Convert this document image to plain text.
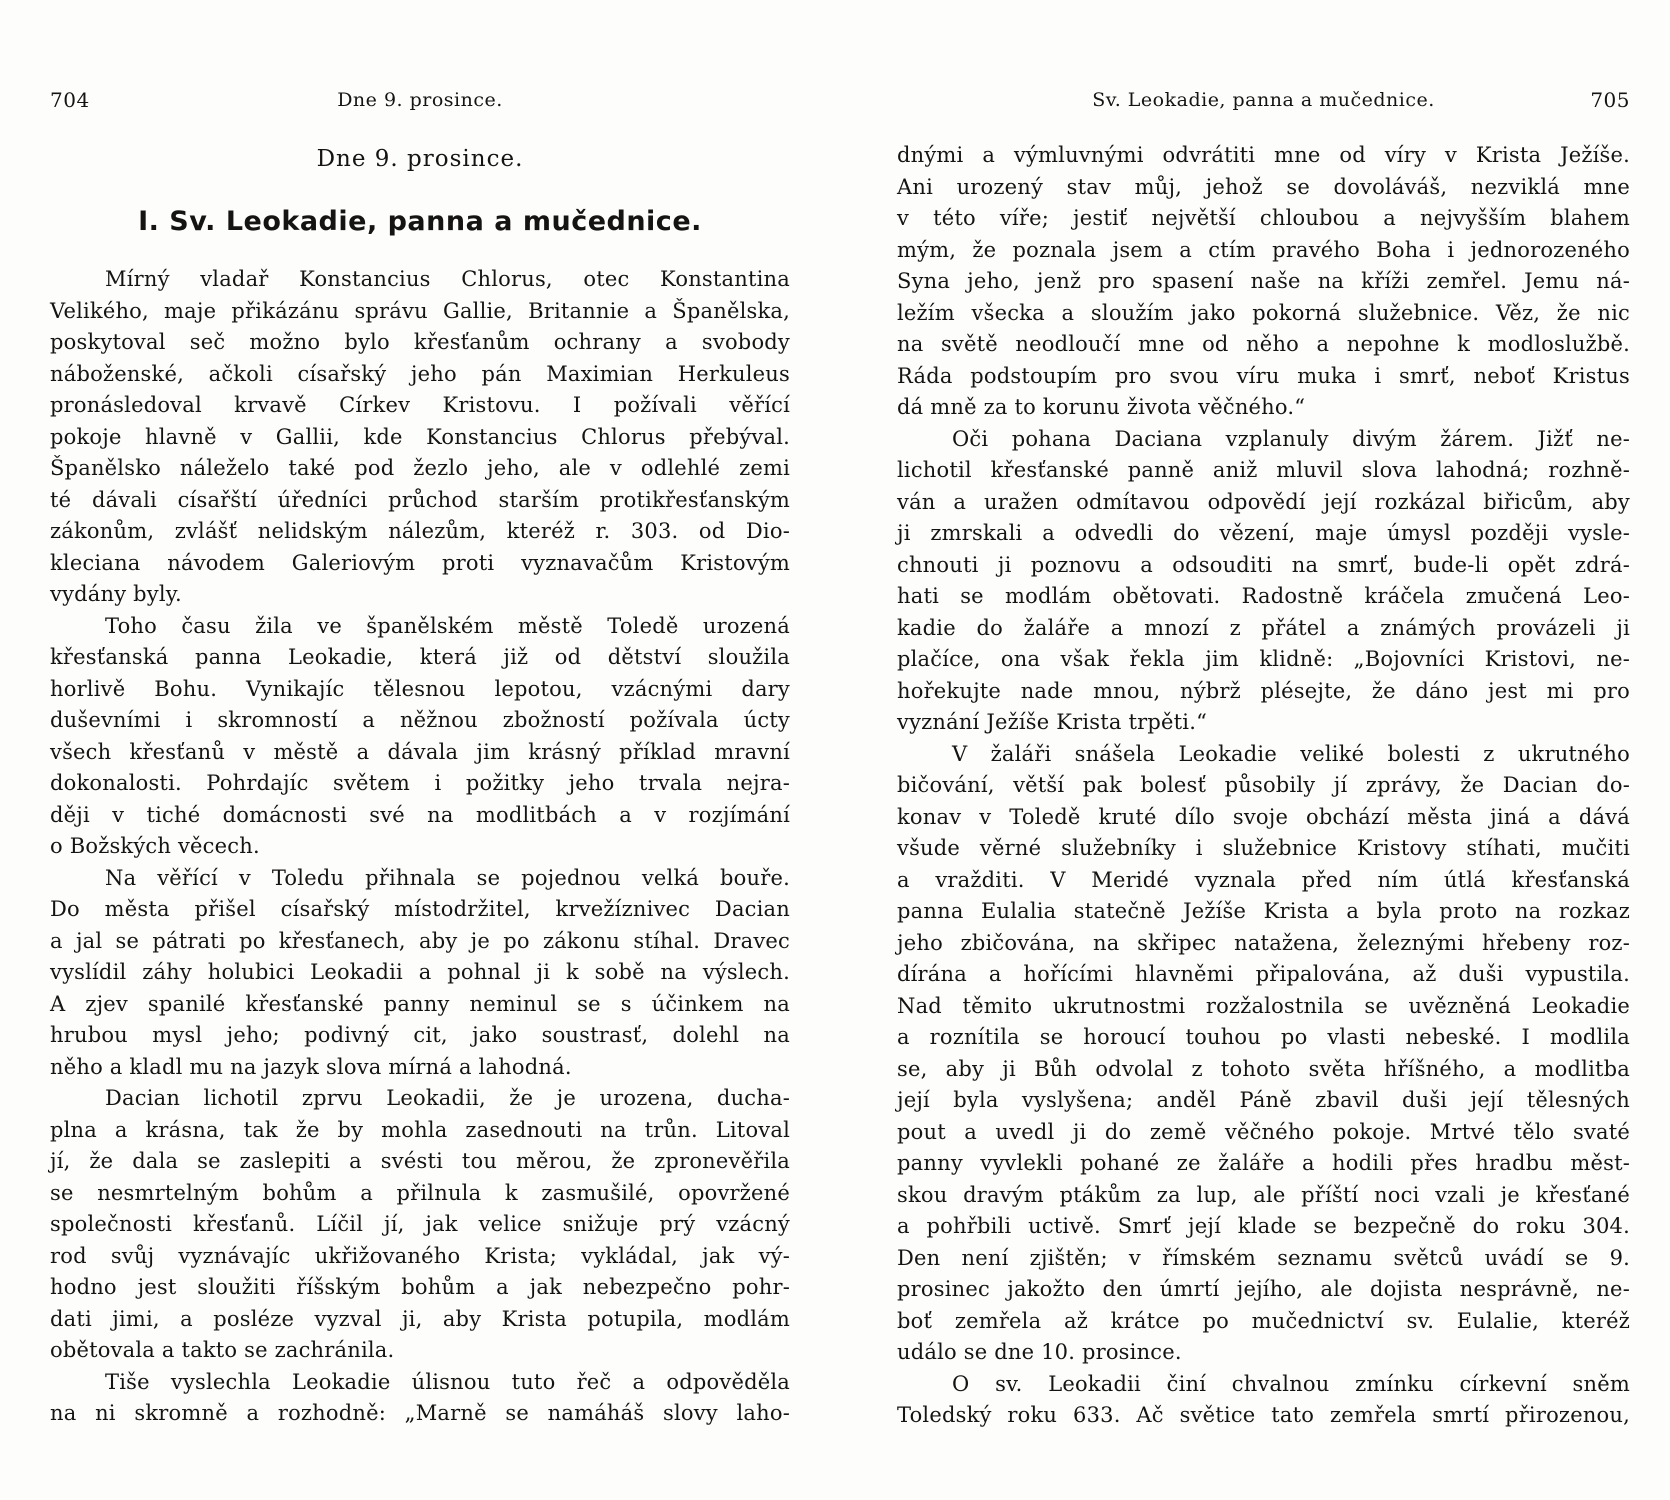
704	Dne 9. prosince.
Dne 9. prosince.
I. Sv. Leokadie, panna a mučednice.

Mírný vladař Konstancius Chlorus, otec Konstantina
Velikého, maje přikázánu správu Gallie, Britannie a Španělska,
poskytoval seč možno bylo křesťanům ochrany a svobody
náboženské, ačkoli císařský jeho pán Maximian Herkuleus
pronásledoval krvavě Církev Kristovu. I požívali věřící
pokoje hlavně v Gallii, kde Konstancius Chlorus přebýval.
Španělsko náleželo také pod žezlo jeho, ale v odlehlé zemi
té dávali císařští úředníci průchod starším protikřesťanským
zákonům, zvlášť nelidským nálezům, kteréž r. 303. od Dio-
kleciana návodem Galeriovým proti vyznavačům Kristovým
vydány byly.

Toho času žila ve španělském městě Toledě urozená
křesťanská panna Leokadie, která již od dětství sloužila
horlivě Bohu. Vynikajíc tělesnou lepotou, vzácnými dary
duševními i skromností a něžnou zbožností požívala úcty
všech křesťanů v městě a dávala jim krásný příklad mravní
dokonalosti. Pohrdajíc světem i požitky jeho trvala nejra-
ději v tiché domácnosti své na modlitbách a v rozjímání
o Božských věcech.

Na věřící v Toledu přihnala se pojednou velká bouře.
Do města přišel císařský místodržitel, krvežíznivec Dacian
a jal se pátrati po křesťanech, aby je po zákonu stíhal. Dravec
vyslídil záhy holubici Leokadii a pohnal ji k sobě na výslech.
A zjev spanilé křesťanské panny neminul se s účinkem na
hrubou mysl jeho; podivný cit, jako soustrasť, dolehl na
něho a kladl mu na jazyk slova mírná a lahodná.

Dacian lichotil zprvu Leokadii, že je urozena, ducha-
plna a krásna, tak že by mohla zasednouti na trůn. Litoval
jí, že dala se zaslepiti a svésti tou měrou, že zpronevěřila
se nesmrtelným bohům a přilnula k zasmušilé, opovržené
společnosti křesťanů. Líčil jí, jak velice snižuje prý vzácný
rod svůj vyznávajíc ukřižovaného Krista; vykládal, jak vý-
hodno jest sloužiti říšským bohům a jak nebezpečno pohr-
dati jimi, a posléze vyzval ji, aby Krista potupila, modlám
obětovala a takto se zachránila.

Tiše vyslechla Leokadie úlisnou tuto řeč a odpověděla
na ni skromně a rozhodně: „Marně se namáháš slovy laho-

Sv. Leokadie, panna a mučednice.	705

dnými a výmluvnými odvrátiti mne od víry v Krista Ježíše.
Ani urozený stav můj, jehož se dovoláváš, nezviklá mne
v této víře; jestiť největší chloubou a nejvyšším blahem
mým, že poznala jsem a ctím pravého Boha i jednorozeného
Syna jeho, jenž pro spasení naše na kříži zemřel. Jemu ná-
ležím všecka a sloužím jako pokorná služebnice. Věz, že nic
na světě neodloučí mne od něho a nepohne k modloslužbě.
Ráda podstoupím pro svou víru muka i smrť, neboť Kristus
dá mně za to korunu života věčného.“

Oči pohana Daciana vzplanuly divým žárem. Jižť ne-
lichotil křesťanské panně aniž mluvil slova lahodná; rozhně-
ván a uražen odmítavou odpovědí její rozkázal biřicům, aby
ji zmrskali a odvedli do vězení, maje úmysl později vysle-
chnouti ji poznovu a odsouditi na smrť, bude-li opět zdrá-
hati se modlám obětovati. Radostně kráčela zmučená Leo-
kadie do žaláře a mnozí z přátel a známých provázeli ji
plačíce, ona však řekla jim klidně: „Bojovníci Kristovi, ne-
hořekujte nade mnou, nýbrž plésejte, že dáno jest mi pro
vyznání Ježíše Krista trpěti.“

V žaláři snášela Leokadie veliké bolesti z ukrutného
bičování, větší pak bolesť působily jí zprávy, že Dacian do-
konav v Toledě kruté dílo svoje obchází města jiná a dává
všude věrné služebníky i služebnice Kristovy stíhati, mučiti
a vražditi. V Meridé vyznala před ním útlá křesťanská
panna Eulalia statečně Ježíše Krista a byla proto na rozkaz
jeho zbičována, na skřipec natažena, železnými hřebeny roz-
dírána a hořícími hlavněmi připalována, až duši vypustila.
Nad těmito ukrutnostmi rozžalostnila se uvězněná Leokadie
a roznítila se horoucí touhou po vlasti nebeské. I modlila
se, aby ji Bůh odvolal z tohoto světa hříšného, a modlitba
její byla vyslyšena; anděl Páně zbavil duši její tělesných
pout a uvedl ji do země věčného pokoje. Mrtvé tělo svaté
panny vyvlekli pohané ze žaláře a hodili přes hradbu měst-
skou dravým ptákům za lup, ale příští noci vzali je křesťané
a pohřbili uctivě. Smrť její klade se bezpečně do roku 304.
Den není zjištěn; v římském seznamu světců uvádí se 9.
prosinec jakožto den úmrtí jejího, ale dojista nesprávně, ne-
boť zemřela až krátce po mučednictví sv. Eulalie, kteréž
událo se dne 10. prosince.

O sv. Leokadii činí chvalnou zmínku církevní sněm
Toledský roku 633. Ač světice tato zemřela smrtí přirozenou,
